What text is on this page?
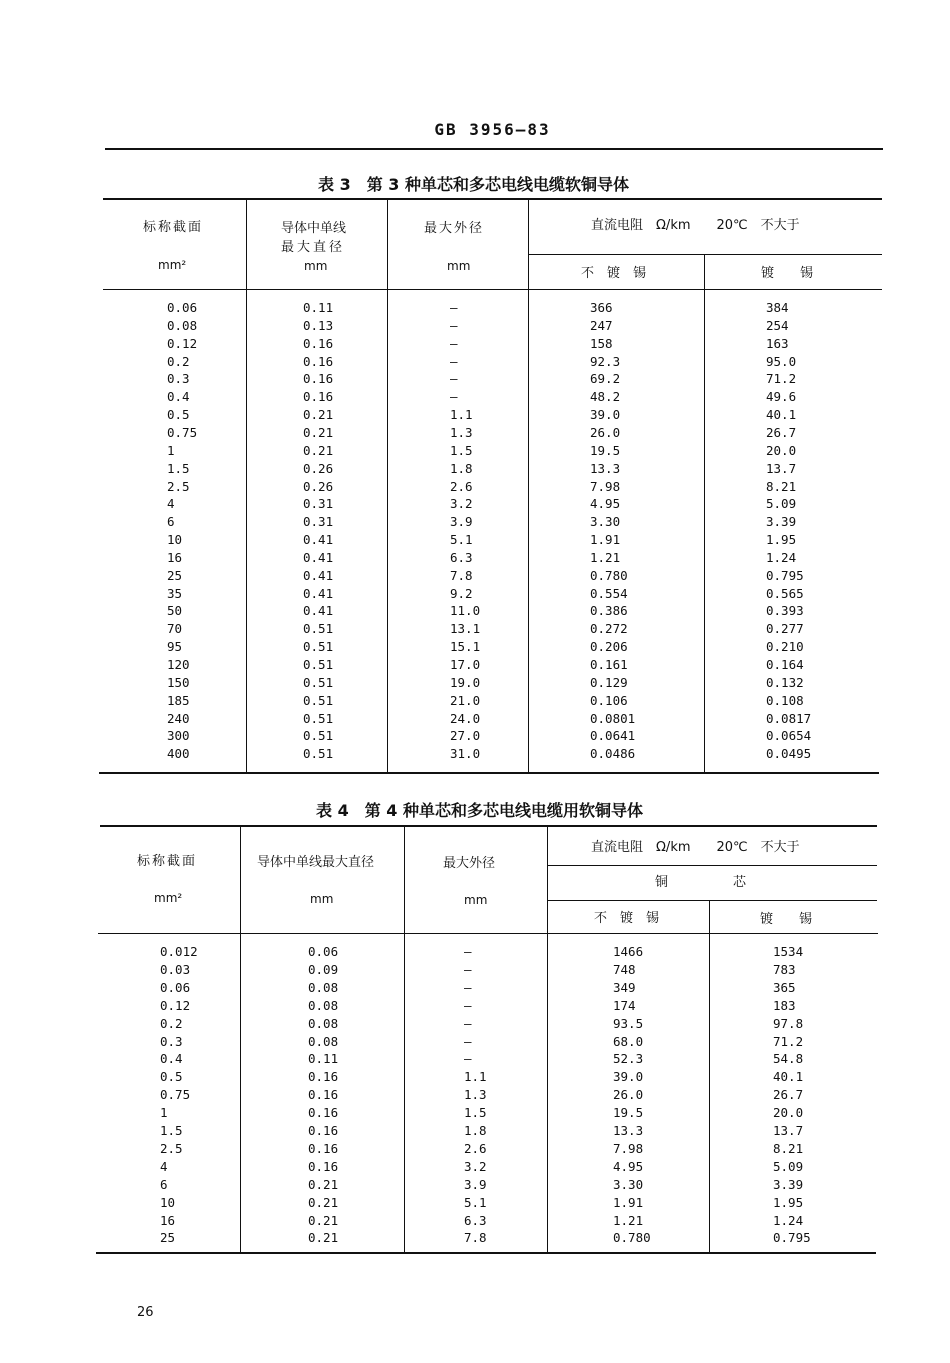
GB 3956—83
表 3　第 3 种单芯和多芯电线电缆软铜导体
标称截面
mm²
导体中单线
最大直径
mm
最大外径
mm
直流电阻　Ω/km　　20℃　不大于
不　镀　锡	镀　　锡
0.06	0.11	—	366	384
0.08	0.13	—	247	254
0.12	0.16	—	158	163
0.2	0.16	—	92.3	95.0
0.3	0.16	—	69.2	71.2
0.4	0.16	—	48.2	49.6
0.5	0.21	1.1	39.0	40.1
0.75	0.21	1.3	26.0	26.7
1	0.21	1.5	19.5	20.0
1.5	0.26	1.8	13.3	13.7
2.5	0.26	2.6	7.98	8.21
4	0.31	3.2	4.95	5.09
6	0.31	3.9	3.30	3.39
10	0.41	5.1	1.91	1.95
16	0.41	6.3	1.21	1.24
25	0.41	7.8	0.780	0.795
35	0.41	9.2	0.554	0.565
50	0.41	11.0	0.386	0.393
70	0.51	13.1	0.272	0.277
95	0.51	15.1	0.206	0.210
120	0.51	17.0	0.161	0.164
150	0.51	19.0	0.129	0.132
185	0.51	21.0	0.106	0.108
240	0.51	24.0	0.0801	0.0817
300	0.51	27.0	0.0641	0.0654
400	0.51	31.0	0.0486	0.0495
表 4　第 4 种单芯和多芯电线电缆用软铜导体
标称截面
mm²
导体中单线最大直径
mm
最大外径
mm
直流电阻　Ω/km　　20℃　不大于
铜　　　　　芯
不　镀　锡	镀　　锡
0.012	0.06	—	1466	1534
0.03	0.09	—	748	783
0.06	0.08	—	349	365
0.12	0.08	—	174	183
0.2	0.08	—	93.5	97.8
0.3	0.08	—	68.0	71.2
0.4	0.11	—	52.3	54.8
0.5	0.16	1.1	39.0	40.1
0.75	0.16	1.3	26.0	26.7
1	0.16	1.5	19.5	20.0
1.5	0.16	1.8	13.3	13.7
2.5	0.16	2.6	7.98	8.21
4	0.16	3.2	4.95	5.09
6	0.21	3.9	3.30	3.39
10	0.21	5.1	1.91	1.95
16	0.21	6.3	1.21	1.24
25	0.21	7.8	0.780	0.795
26
